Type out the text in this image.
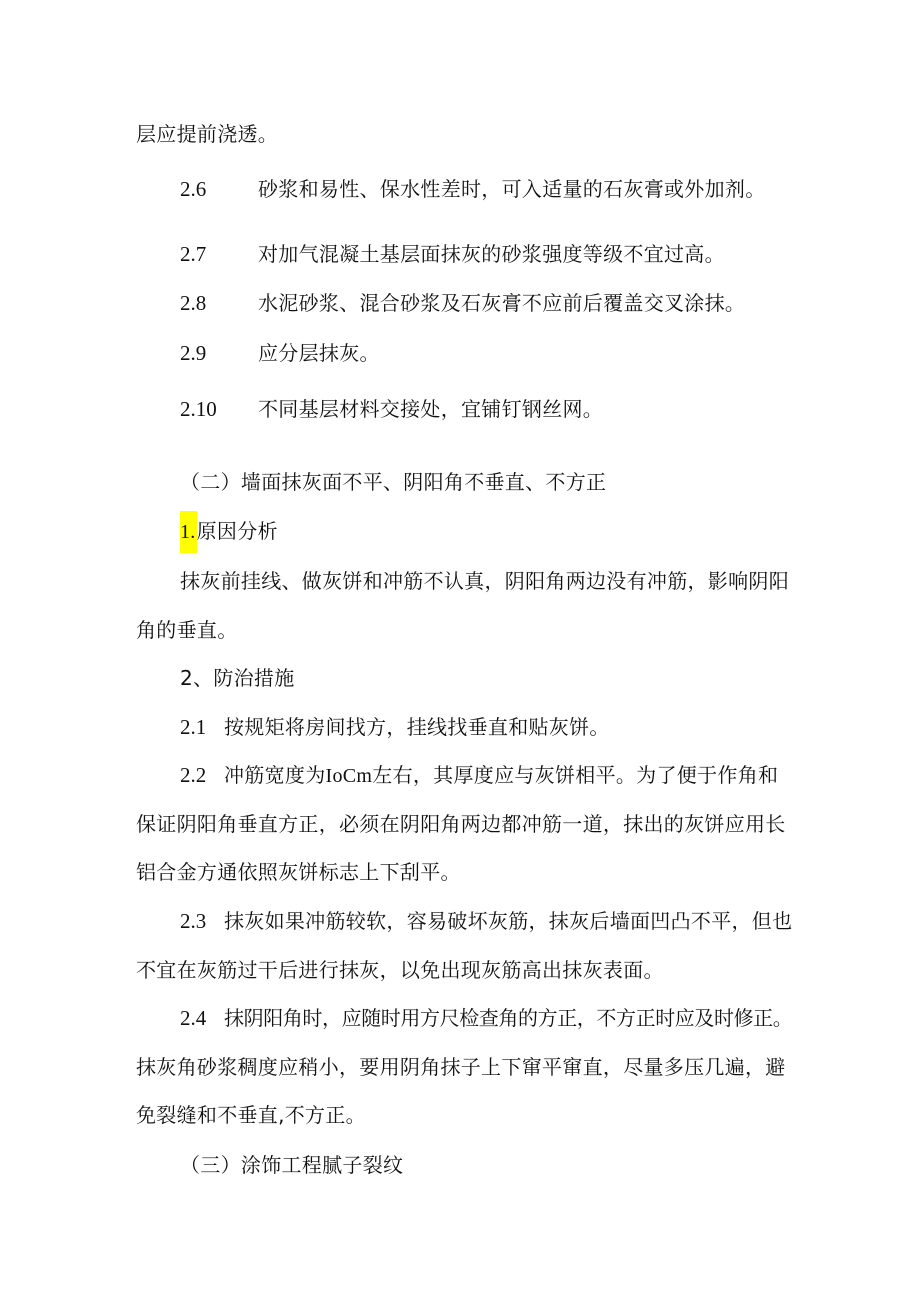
层应提前浇透。
2.6	砂浆和易性、保水性差时，可入适量的石灰膏或外加剂。
2.7	对加气混凝土基层面抹灰的砂浆强度等级不宜过高。
2.8	水泥砂浆、混合砂浆及石灰膏不应前后覆盖交叉涂抹。
2.9	应分层抹灰。
2.10 不同基层材料交接处，宜铺钉钢丝网。
（二）墙面抹灰面不平、阴阳角不垂直、不方正
1.原因分析
抹灰前挂线、做灰饼和冲筋不认真，阴阳角两边没有冲筋，影响阴阳
角的垂直。
2、防治措施
2.1 按规矩将房间找方，挂线找垂直和贴灰饼。
2.2 冲筋宽度为IoCm左右，其厚度应与灰饼相平。为了便于作角和
保证阴阳角垂直方正，必须在阴阳角两边都冲筋一道，抹出的灰饼应用长
铝合金方通依照灰饼标志上下刮平。
2.3 抹灰如果冲筋较软，容易破坏灰筋，抹灰后墙面凹凸不平，但也
不宜在灰筋过干后进行抹灰，以免出现灰筋高出抹灰表面。
2.4 抹阴阳角时，应随时用方尺检查角的方正，不方正时应及时修正。
抹灰角砂浆稠度应稍小，要用阴角抹子上下窜平窜直，尽量多压几遍，避
免裂缝和不垂直,不方正。
（三）涂饰工程腻子裂纹
